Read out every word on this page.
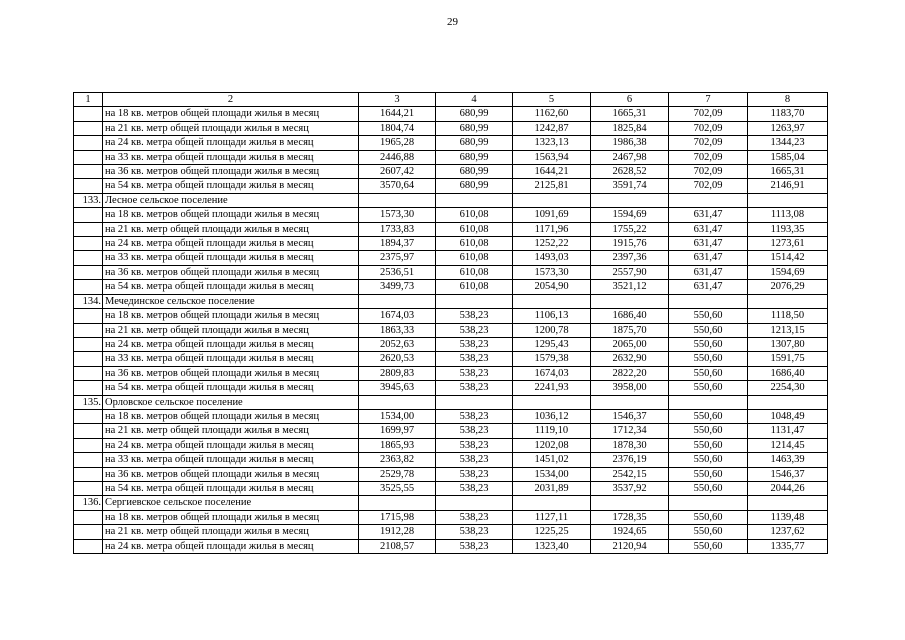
29
1	2	3	4	5	6	7	8
	на 18 кв. метров общей площади жилья в месяц	1644,21	680,99	1162,60	1665,31	702,09	1183,70
	на 21 кв. метр общей площади жилья в месяц	1804,74	680,99	1242,87	1825,84	702,09	1263,97
	на 24 кв. метра общей площади жилья в месяц	1965,28	680,99	1323,13	1986,38	702,09	1344,23
	на 33 кв. метра общей площади жилья в месяц	2446,88	680,99	1563,94	2467,98	702,09	1585,04
	на 36 кв. метров общей площади жилья в месяц	2607,42	680,99	1644,21	2628,52	702,09	1665,31
	на 54 кв. метра общей площади жилья в месяц	3570,64	680,99	2125,81	3591,74	702,09	2146,91
133.	Лесное сельское поселение						
	на 18 кв. метров общей площади жилья в месяц	1573,30	610,08	1091,69	1594,69	631,47	1113,08
	на 21 кв. метр общей площади жилья в месяц	1733,83	610,08	1171,96	1755,22	631,47	1193,35
	на 24 кв. метра общей площади жилья в месяц	1894,37	610,08	1252,22	1915,76	631,47	1273,61
	на 33 кв. метра общей площади жилья в месяц	2375,97	610,08	1493,03	2397,36	631,47	1514,42
	на 36 кв. метров общей площади жилья в месяц	2536,51	610,08	1573,30	2557,90	631,47	1594,69
	на 54 кв. метра общей площади жилья в месяц	3499,73	610,08	2054,90	3521,12	631,47	2076,29
134.	Мечединское сельское поселение						
	на 18 кв. метров общей площади жилья в месяц	1674,03	538,23	1106,13	1686,40	550,60	1118,50
	на 21 кв. метр общей площади жилья в месяц	1863,33	538,23	1200,78	1875,70	550,60	1213,15
	на 24 кв. метра общей площади жилья в месяц	2052,63	538,23	1295,43	2065,00	550,60	1307,80
	на 33 кв. метра общей площади жилья в месяц	2620,53	538,23	1579,38	2632,90	550,60	1591,75
	на 36 кв. метров общей площади жилья в месяц	2809,83	538,23	1674,03	2822,20	550,60	1686,40
	на 54 кв. метра общей площади жилья в месяц	3945,63	538,23	2241,93	3958,00	550,60	2254,30
135.	Орловское сельское поселение						
	на 18 кв. метров общей площади жилья в месяц	1534,00	538,23	1036,12	1546,37	550,60	1048,49
	на 21 кв. метр общей площади жилья в месяц	1699,97	538,23	1119,10	1712,34	550,60	1131,47
	на 24 кв. метра общей площади жилья в месяц	1865,93	538,23	1202,08	1878,30	550,60	1214,45
	на 33 кв. метра общей площади жилья в месяц	2363,82	538,23	1451,02	2376,19	550,60	1463,39
	на 36 кв. метров общей площади жилья в месяц	2529,78	538,23	1534,00	2542,15	550,60	1546,37
	на 54 кв. метра общей площади жилья в месяц	3525,55	538,23	2031,89	3537,92	550,60	2044,26
136.	Сергиевское сельское поселение						
	на 18 кв. метров общей площади жилья в месяц	1715,98	538,23	1127,11	1728,35	550,60	1139,48
	на 21 кв. метр общей площади жилья в месяц	1912,28	538,23	1225,25	1924,65	550,60	1237,62
	на 24 кв. метра общей площади жилья в месяц	2108,57	538,23	1323,40	2120,94	550,60	1335,77
